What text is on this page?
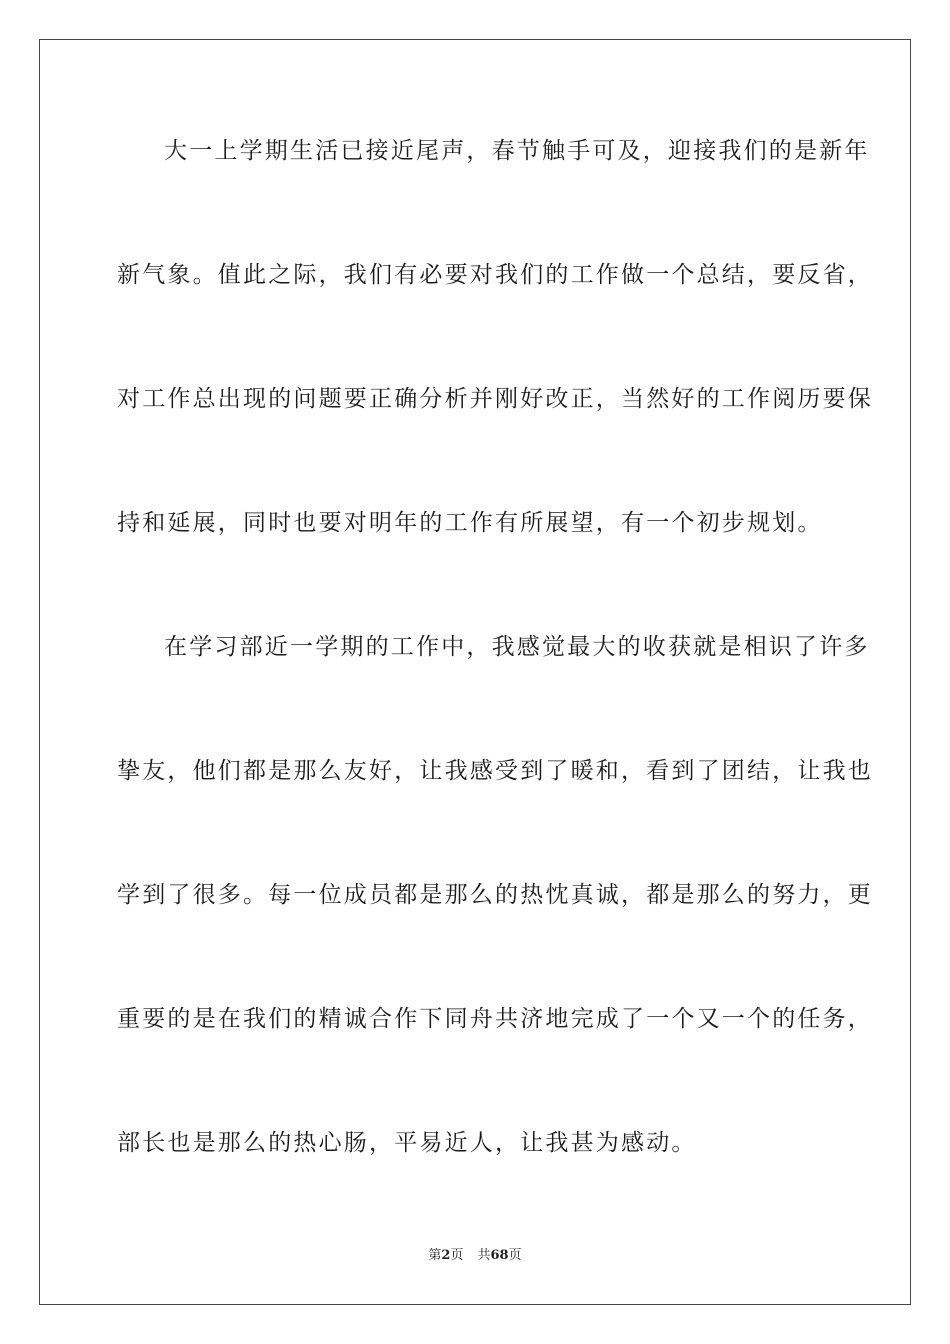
大一上学期生活已接近尾声，春节触手可及，迎接我们的是新年
新气象。值此之际，我们有必要对我们的工作做一个总结，要反省，
对工作总出现的问题要正确分析并刚好改正，当然好的工作阅历要保
持和延展，同时也要对明年的工作有所展望，有一个初步规划。
在学习部近一学期的工作中，我感觉最大的收获就是相识了许多
挚友，他们都是那么友好，让我感受到了暖和，看到了团结，让我也
学到了很多。每一位成员都是那么的热忱真诚，都是那么的努力，更
重要的是在我们的精诚合作下同舟共济地完成了一个又一个的任务，
部长也是那么的热心肠，平易近人，让我甚为感动。
第2页 共68页
